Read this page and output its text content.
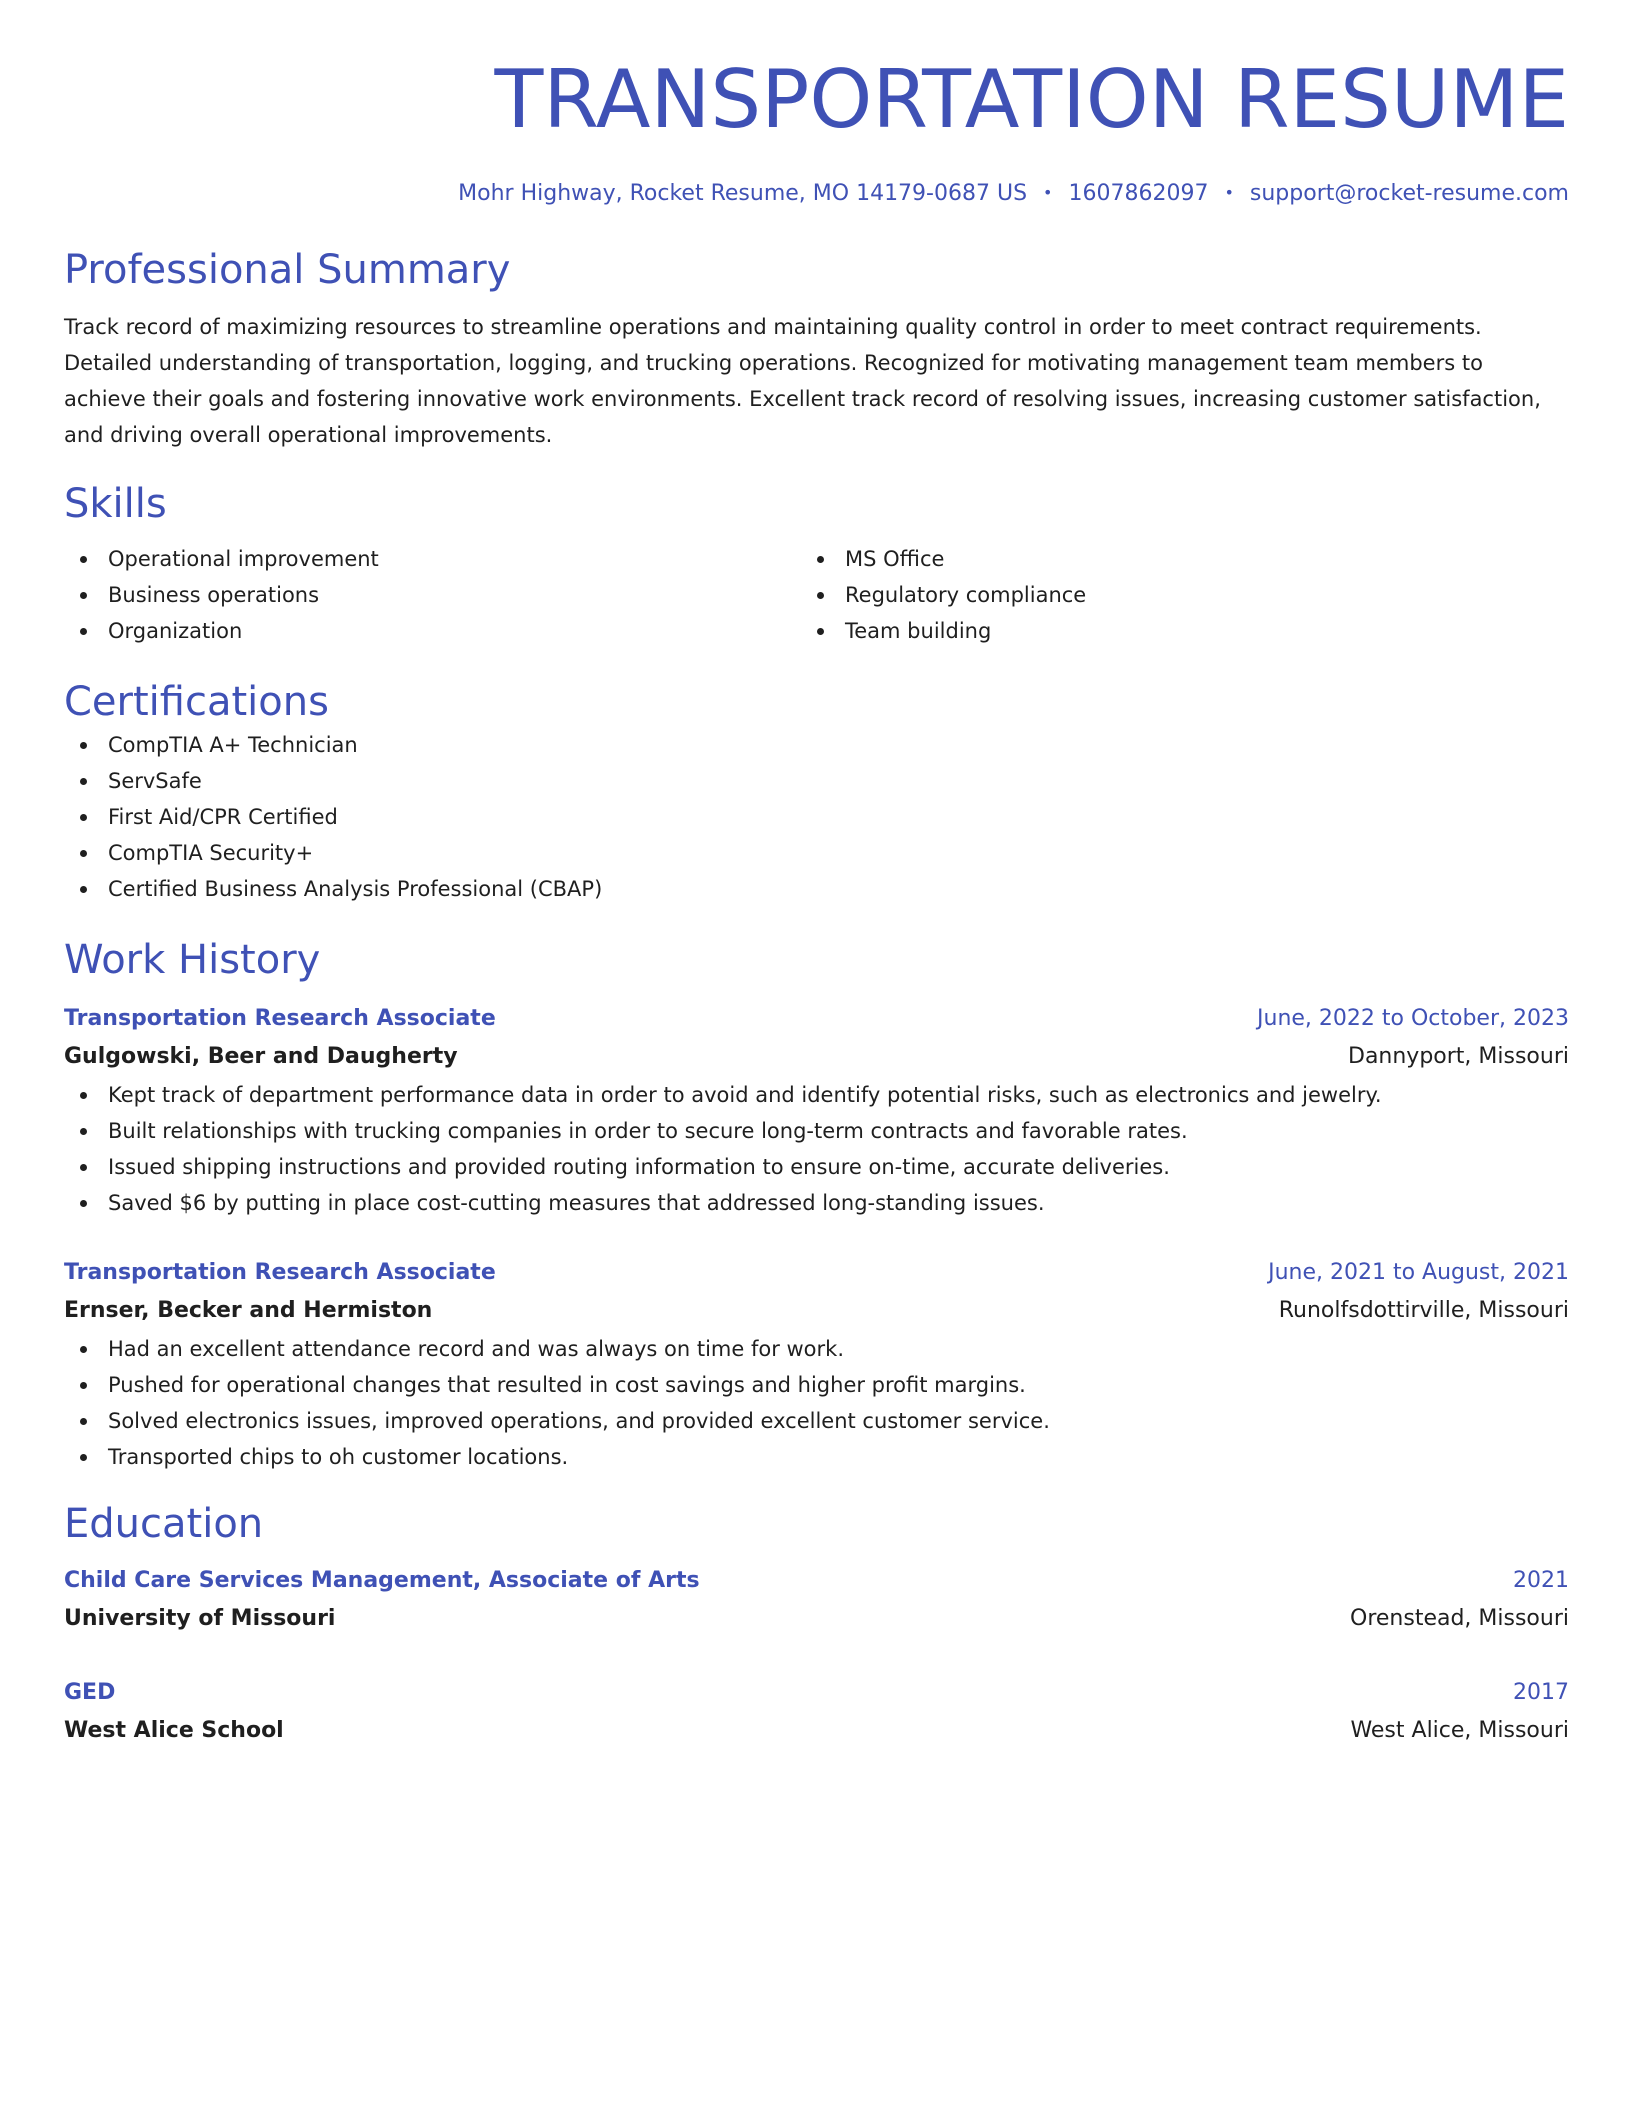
TRANSPORTATION RESUME
Mohr Highway, Rocket Resume, MO 14179-0687 US • 1607862097 • support@rocket-resume.com
Professional Summary
Track record of maximizing resources to streamline operations and maintaining quality control in order to meet contract requirements. Detailed understanding of transportation, logging, and trucking operations. Recognized for motivating management team members to achieve their goals and fostering innovative work environments. Excellent track record of resolving issues, increasing customer satisfaction, and driving overall operational improvements.
Skills
Operational improvement
Business operations
Organization
MS Office
Regulatory compliance
Team building
Certifications
CompTIA A+ Technician
ServSafe
First Aid/CPR Certified
CompTIA Security+
Certified Business Analysis Professional (CBAP)
Work History
Transportation Research Associate	June, 2022 to October, 2023
Gulgowski, Beer and Daugherty	Dannyport, Missouri
Kept track of department performance data in order to avoid and identify potential risks, such as electronics and jewelry.
Built relationships with trucking companies in order to secure long-term contracts and favorable rates.
Issued shipping instructions and provided routing information to ensure on-time, accurate deliveries.
Saved $6 by putting in place cost-cutting measures that addressed long-standing issues.
Transportation Research Associate	June, 2021 to August, 2021
Ernser, Becker and Hermiston	Runolfsdottirville, Missouri
Had an excellent attendance record and was always on time for work.
Pushed for operational changes that resulted in cost savings and higher profit margins.
Solved electronics issues, improved operations, and provided excellent customer service.
Transported chips to oh customer locations.
Education
Child Care Services Management, Associate of Arts	2021
University of Missouri	Orenstead, Missouri
GED	2017
West Alice School	West Alice, Missouri
